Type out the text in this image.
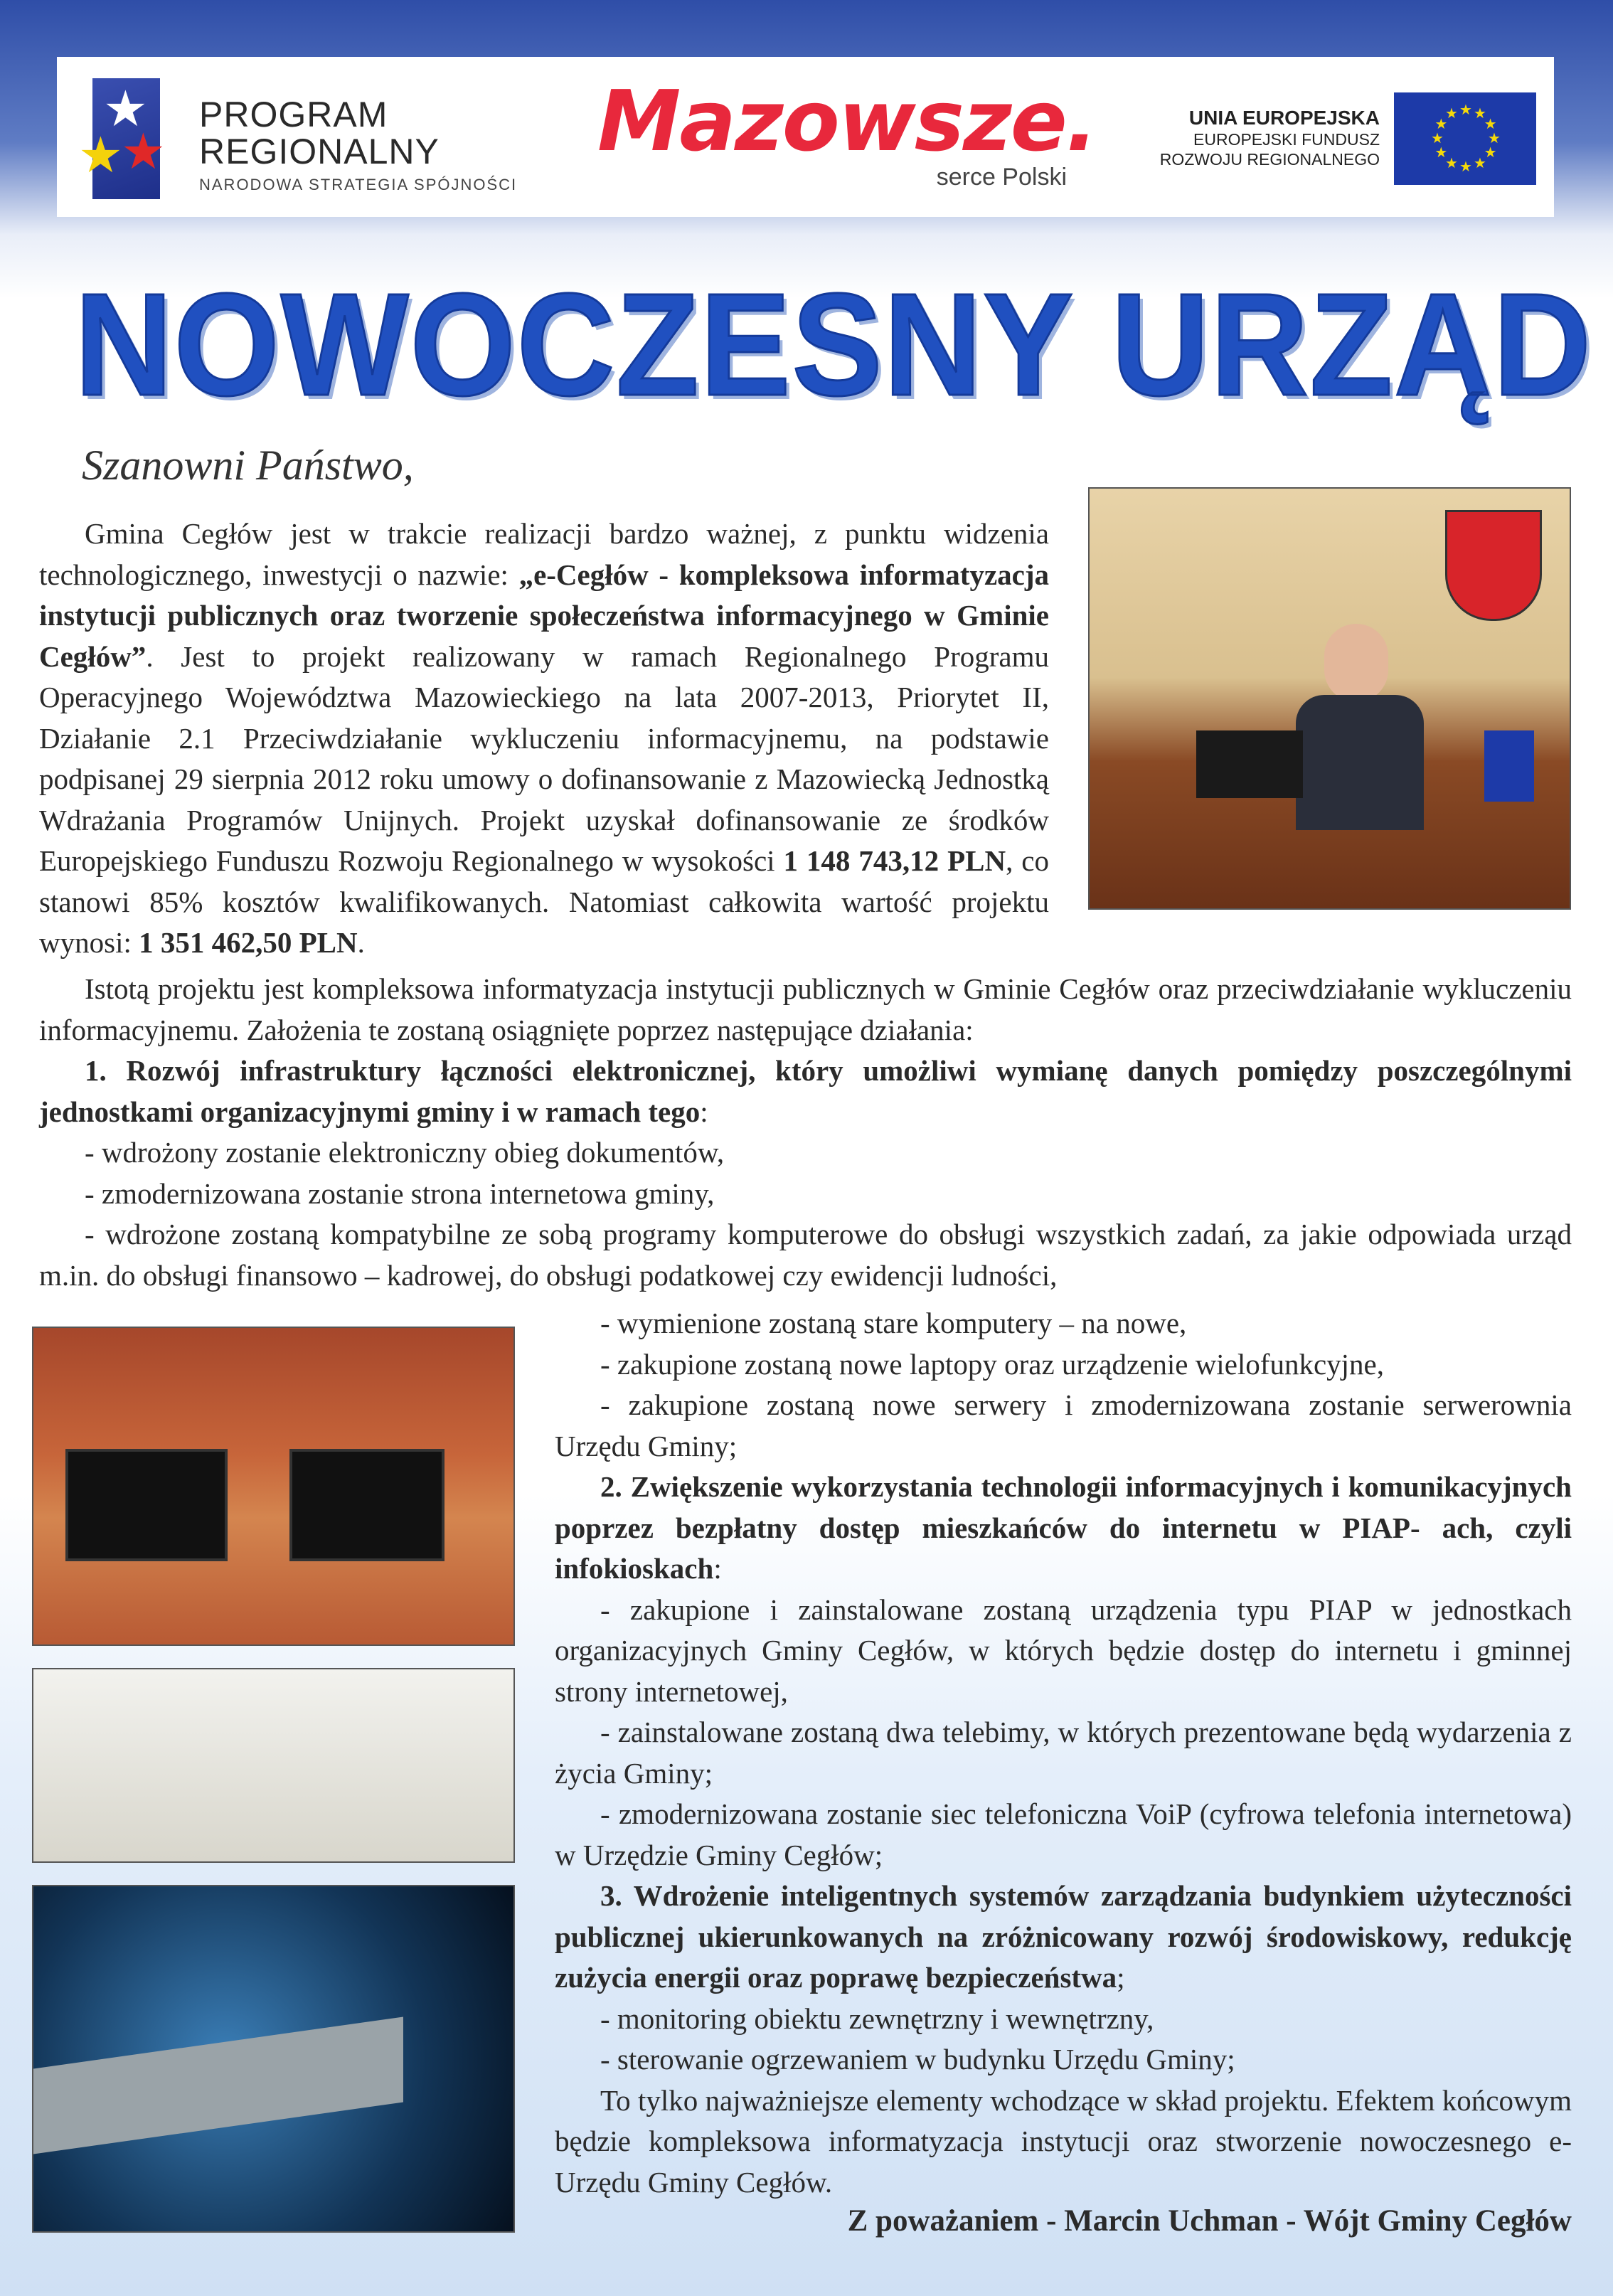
★
★
★
PROGRAM
REGIONALNY
NARODOWA STRATEGIA SPÓJNOŚCI
Mazowsze.
serce Polski
UNIA EUROPEJSKA
EUROPEJSKI FUNDUSZ
ROZWOJU REGIONALNEGO
★
★
★
★
★
★
★
★
★ ★ ★
★
NOWOCZESNY URZĄD
Szanowni Państwo,

Gmina Cegłów jest w trakcie realizacji bardzo ważnej, z punktu widzenia technologicznego, inwestycji o nazwie: „e-Cegłów - kompleksowa informatyzacja instytucji publicznych oraz tworzenie społeczeństwa informacyjnego w Gminie Cegłów”. Jest to projekt realizowany w ramach Regionalnego Programu Operacyjnego Województwa Mazowieckiego na lata 2007-2013, Priorytet II, Działanie 2.1 Przeciwdziałanie wykluczeniu informacyjnemu, na podstawie podpisanej 29 sierpnia 2012 roku umowy o dofinansowanie z Mazowiecką Jednostką Wdrażania Programów Unijnych. Projekt uzyskał dofinansowanie ze środków Europejskiego Funduszu Rozwoju Regionalnego w wysokości 1 148 743,12 PLN, co stanowi 85% kosztów kwalifikowanych. Natomiast całkowita wartość projektu wynosi: 1 351 462,50 PLN.

Istotą projektu jest kompleksowa informatyzacja instytucji publicznych w Gminie Cegłów oraz przeciwdziałanie wykluczeniu informacyjnemu. Założenia te zostaną osiągnięte poprzez następujące działania:

1. Rozwój infrastruktury łączności elektronicznej, który umożliwi wymianę danych pomiędzy poszczególnymi jednostkami organizacyjnymi gminy i w ramach tego:

- wdrożony zostanie elektroniczny obieg dokumentów,

- zmodernizowana zostanie strona internetowa gminy,

- wdrożone zostaną kompatybilne ze sobą programy komputerowe do obsługi wszystkich zadań, za jakie odpowiada urząd m.in. do obsługi finansowo – kadrowej, do obsługi podatkowej czy ewidencji ludności,

- wymienione zostaną stare komputery – na nowe,

- zakupione zostaną nowe laptopy oraz urządzenie wielofunkcyjne,

- zakupione zostaną nowe serwery i zmodernizowana zostanie serwerownia Urzędu Gminy;

2. Zwiększenie wykorzystania technologii informacyjnych i komunikacyjnych poprzez bezpłatny dostęp mieszkańców do internetu w PIAP- ach, czyli infokioskach:

- zakupione i zainstalowane zostaną urządzenia typu PIAP w jednostkach organizacyjnych Gminy Cegłów, w których będzie dostęp do internetu i gminnej strony internetowej,

- zainstalowane zostaną dwa telebimy, w których prezentowane będą wydarzenia z życia Gminy;

- zmodernizowana zostanie siec telefoniczna VoiP (cyfrowa telefonia internetowa) w Urzędzie Gminy Cegłów;

3. Wdrożenie inteligentnych systemów zarządzania budynkiem użyteczności publicznej ukierunkowanych na zróżnicowany rozwój środowiskowy, redukcję zużycia energii oraz poprawę bezpieczeństwa;

- monitoring obiektu zewnętrzny i wewnętrzny,

- sterowanie ogrzewaniem w budynku Urzędu Gminy;

To tylko najważniejsze elementy wchodzące w skład projektu. Efektem końcowym będzie kompleksowa informatyzacja instytucji oraz stworzenie nowoczesnego e-Urzędu Gminy Cegłów.

Z poważaniem - Marcin Uchman - Wójt Gminy Cegłów
